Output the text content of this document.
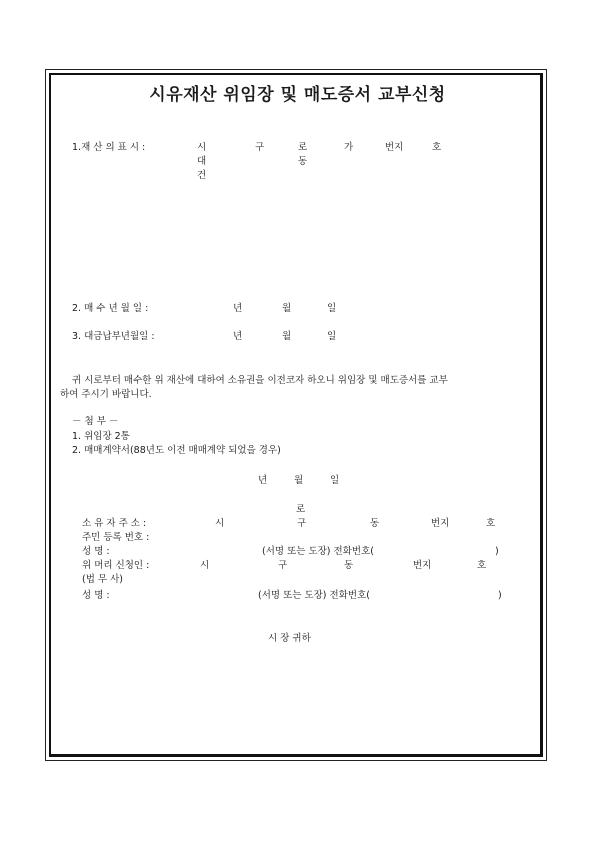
시유재산 위임장 및 매도증서 교부신청
1.재 산 의 표 시 :	시	구	로	가	번지	호
대	동
건
2. 매 수 년 월 일 :	년	월	일
3. 대금납부년월일 :	년	월	일
귀 시로부터 매수한 위 재산에 대하여 소유권을 이전코자 하오니 위임장 및 매도증서를 교부
하여 주시기 바랍니다.
－ 첨 부 －
1. 위임장 2통
2. 매매계약서(88년도 이전 매매계약 되었을 경우)
년	월	일
로
소 유 자 주 소 :	시	구	동	번지	호
주민 등록 번호 :
성 명 :	(서명 또는 도장) 전화번호(	)
위 머리 신청인 :	시	구	동	번지	호
(법 무 사)
성 명 :	(서명 또는 도장) 전화번호(	)
시 장 귀하
